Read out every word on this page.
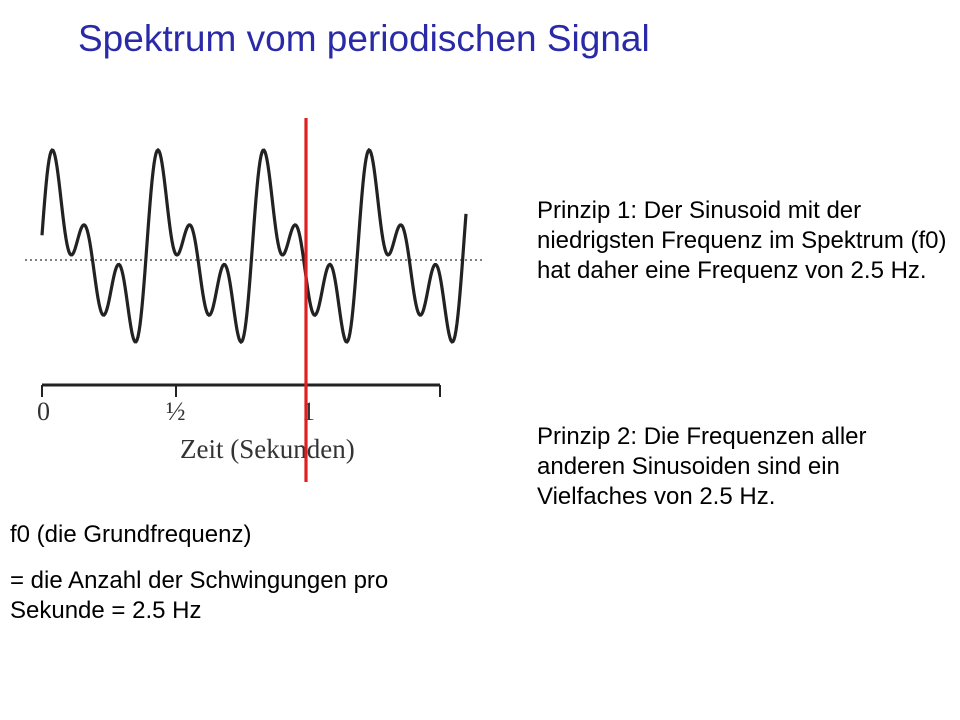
Spektrum vom periodischen Signal
0	½	1
Zeit (Sekunden)
Prinzip 1: Der Sinusoid mit der niedrigsten Frequenz im Spektrum (f0) hat daher eine Frequenz von 2.5 Hz.
Prinzip 2: Die Frequenzen aller anderen Sinusoiden sind ein Vielfaches von 2.5 Hz.
f0 (die Grundfrequenz)
= die Anzahl der Schwingungen pro Sekunde = 2.5 Hz
